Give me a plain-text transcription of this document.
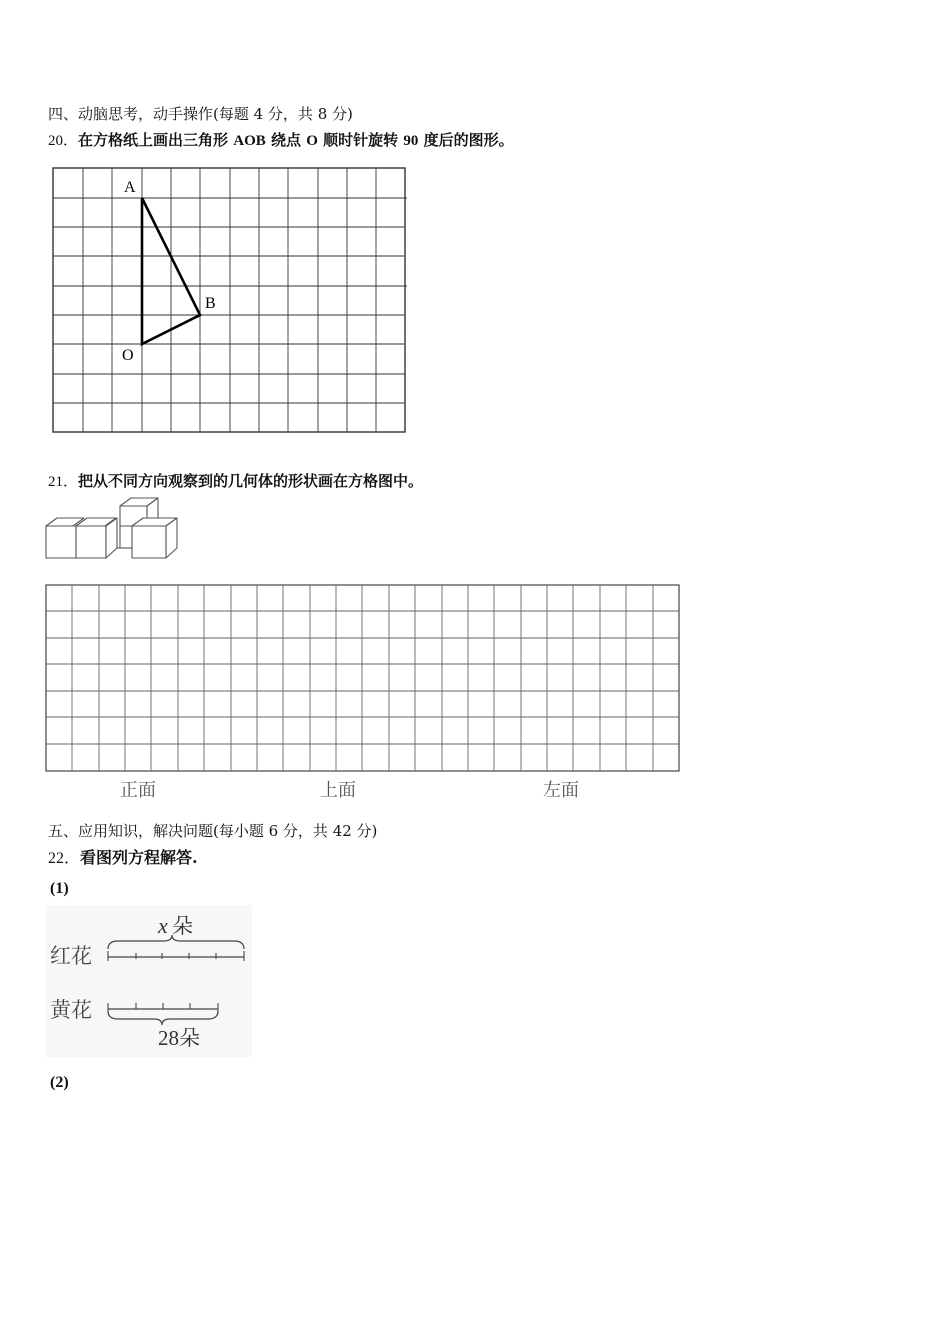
四、动脑思考，动手操作(每题 4 分，共 8 分)
20．在方格纸上画出三角形 AOB 绕点 O 顺时针旋转 90 度后的图形。
A
B
O
21．把从不同方向观察到的几何体的形状画在方格图中。
正面	上面	左面
五、应用知识，解决问题(每小题 6 分，共 42 分)
22．看图列方程解答.
(1)
x 朵
红花
黄花
28朵
(2)
